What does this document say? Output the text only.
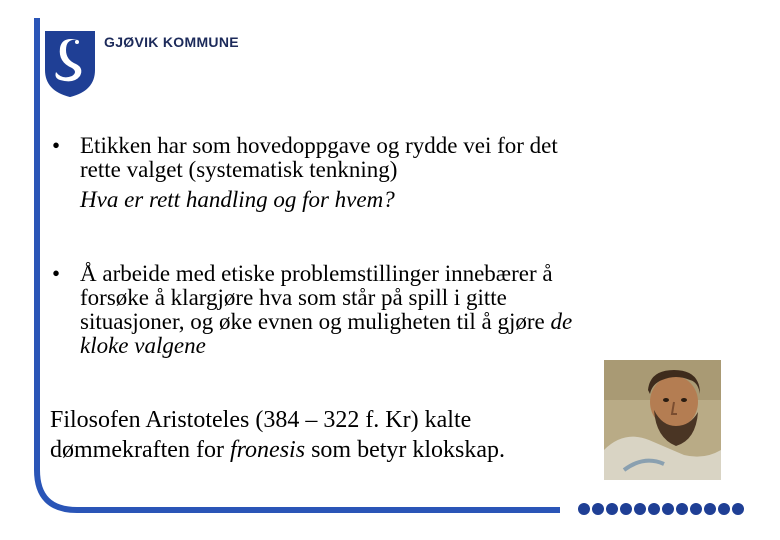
GJØVIK KOMMUNE
• Etikken har som hovedoppgave og rydde vei for det
rette valget (systematisk tenkning)
Hva er rett handling og for hvem?
• Å arbeide med etiske problemstillinger innebærer å
forsøke å klargjøre hva som står på spill i gitte
situasjoner, og øke evnen og muligheten til å gjøre de
kloke valgene
Filosofen Aristoteles (384 – 322 f. Kr) kalte
dømmekraften for fronesis som betyr klokskap.
